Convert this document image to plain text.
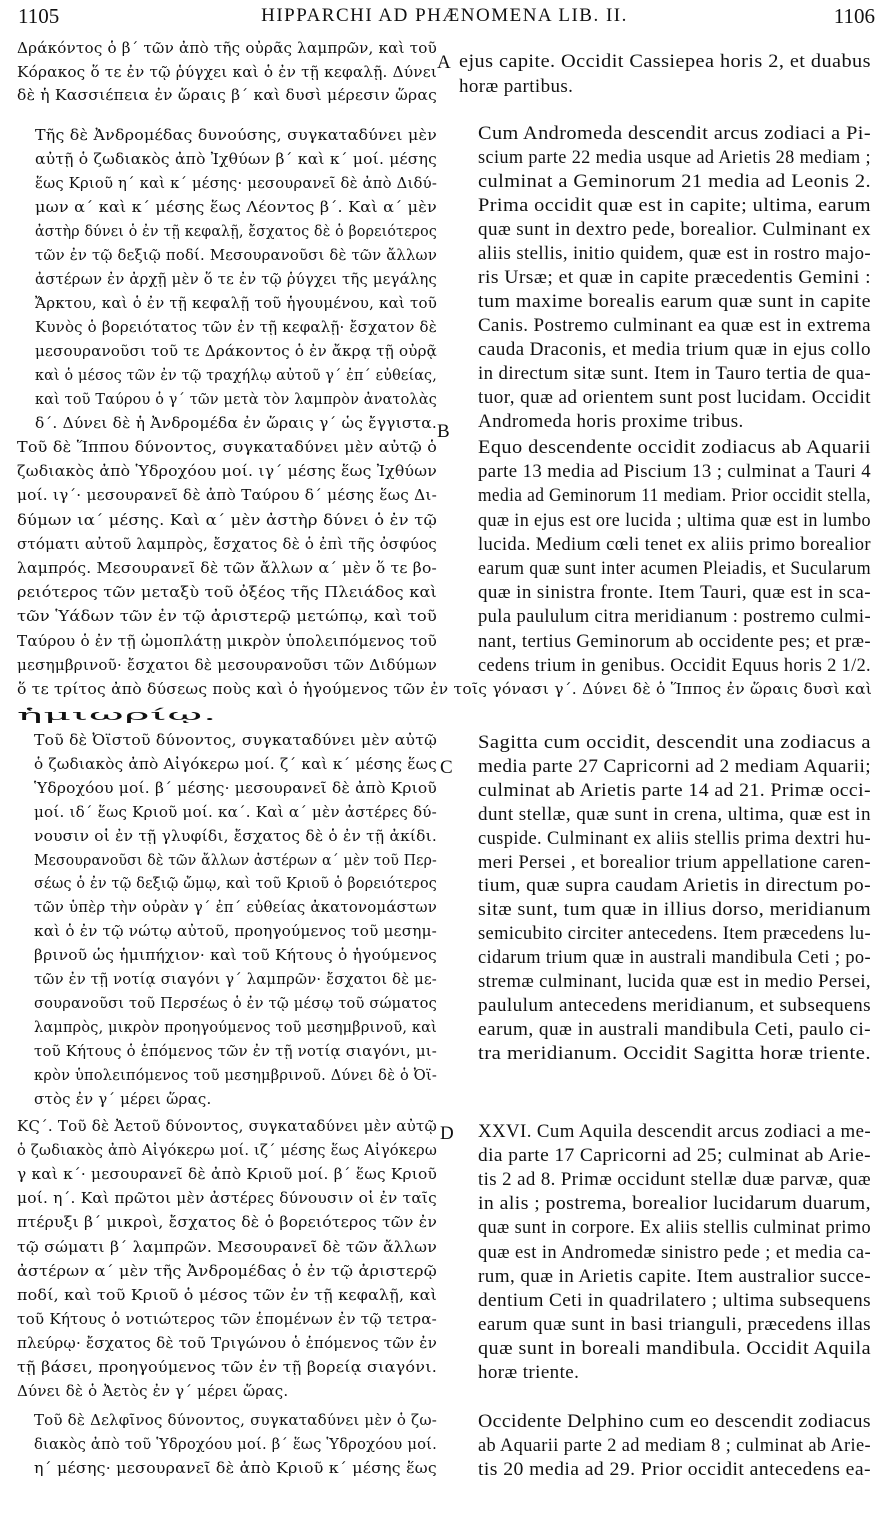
1105	HIPPARCHI AD PHÆNOMENA LIB. II.	1106
A
B
C
D
Δράκόντος ὁ β΄ τῶν ἀπὸ τῆς οὐρᾶς λαμπρῶν, καὶ τοῦ
Κόρακος ὅ τε ἐν τῷ ῥύγχει καὶ ὁ ἐν τῇ κεφαλῇ. Δύνει
δὲ ἡ Κασσιέπεια ἐν ὥραις β΄ καὶ δυσὶ μέρεσιν ὥρας
Τῆς δὲ Ἀνδρομέδας δυνούσης, συγκαταδύνει μὲν
αὐτῇ ὁ ζωδιακὸς ἀπὸ Ἰχθύων β΄ καὶ κ΄ μοί. μέσης
ἕως Κριοῦ η΄ καὶ κ΄ μέσης· μεσουρανεῖ δὲ ἀπὸ Διδύ-
μων α΄ καὶ κ΄ μέσης ἕως Λέοντος β΄. Καὶ α΄ μὲν
ἀστὴρ δύνει ὁ ἐν τῇ κεφαλῇ, ἔσχατος δὲ ὁ βορειότερος
τῶν ἐν τῷ δεξιῷ ποδί. Μεσουρανοῦσι δὲ τῶν ἄλλων
ἀστέρων ἐν ἀρχῇ μὲν ὅ τε ἐν τῷ ῥύγχει τῆς μεγάλης
Ἄρκτου, καὶ ὁ ἐν τῇ κεφαλῇ τοῦ ἡγουμένου, καὶ τοῦ
Κυνὸς ὁ βορειότατος τῶν ἐν τῇ κεφαλῇ· ἔσχατον δὲ
μεσουρανοῦσι τοῦ τε Δράκοντος ὁ ἐν ἄκρᾳ τῇ οὐρᾷ
καὶ ὁ μέσος τῶν ἐν τῷ τραχήλῳ αὐτοῦ γ΄ ἐπ΄ εὐθείας,
καὶ τοῦ Ταύρου ὁ γ΄ τῶν μετὰ τὸν λαμπρὸν ἀνατολὰς
δ΄. Δύνει δὲ ἡ Ἀνδρομέδα ἐν ὥραις γ΄ ὡς ἔγγιστα.
Τοῦ δὲ Ἵππου δύνοντος, συγκαταδύνει μὲν αὐτῷ ὁ
ζωδιακὸς ἀπὸ Ὑδροχόου μοί. ιγ΄ μέσης ἕως Ἰχθύων
μοί. ιγ΄· μεσουρανεῖ δὲ ἀπὸ Ταύρου δ΄ μέσης ἕως Δι-
δύμων ια΄ μέσης. Καὶ α΄ μὲν ἀστὴρ δύνει ὁ ἐν τῷ
στόματι αὐτοῦ λαμπρὸς, ἔσχατος δὲ ὁ ἐπὶ τῆς ὀσφύος
λαμπρός. Μεσουρανεῖ δὲ τῶν ἄλλων α΄ μὲν ὅ τε βο-
ρειότερος τῶν μεταξὺ τοῦ ὀξέος τῆς Πλειάδος καὶ
τῶν Ὑάδων τῶν ἐν τῷ ἀριστερῷ μετώπῳ, καὶ τοῦ
Ταύρου ὁ ἐν τῇ ὠμοπλάτῃ μικρὸν ὑπολειπόμενος τοῦ
μεσημβρινοῦ· ἔσχατοι δὲ μεσουρανοῦσι τῶν Διδύμων
ὅ τε τρίτος ἀπὸ δύσεως ποὺς καὶ ὁ ἡγούμενος τῶν ἐν τοῖς γόνασι γ΄. Δύνει δὲ ὁ Ἵππος ἐν ὥραις δυσὶ καὶ
ἡμιωρίῳ.
Τοῦ δὲ Ὀϊστοῦ δύνοντος, συγκαταδύνει μὲν αὐτῷ
ὁ ζωδιακὸς ἀπὸ Αἰγόκερω μοί. ζ΄ καὶ κ΄ μέσης ἕως
Ὑδροχόου μοί. β΄ μέσης· μεσουρανεῖ δὲ ἀπὸ Κριοῦ
μοί. ιδ΄ ἕως Κριοῦ μοί. κα΄. Καὶ α΄ μὲν ἀστέρες δύ-
νουσιν οἱ ἐν τῇ γλυφίδι, ἔσχατος δὲ ὁ ἐν τῇ ἀκίδι.
Μεσουρανοῦσι δὲ τῶν ἄλλων ἀστέρων α΄ μὲν τοῦ Περ-
σέως ὁ ἐν τῷ δεξιῷ ὤμῳ, καὶ τοῦ Κριοῦ ὁ βορειότερος
τῶν ὑπὲρ τὴν οὐρὰν γ΄ ἐπ΄ εὐθείας ἀκατονομάστων
καὶ ὁ ἐν τῷ νώτῳ αὐτοῦ, προηγούμενος τοῦ μεσημ-
βρινοῦ ὡς ἡμιπήχιον· καὶ τοῦ Κήτους ὁ ἡγούμενος
τῶν ἐν τῇ νοτίᾳ σιαγόνι γ΄ λαμπρῶν· ἔσχατοι δὲ με-
σουρανοῦσι τοῦ Περσέως ὁ ἐν τῷ μέσῳ τοῦ σώματος
λαμπρὸς, μικρὸν προηγούμενος τοῦ μεσημβρινοῦ, καὶ
τοῦ Κήτους ὁ ἑπόμενος τῶν ἐν τῇ νοτίᾳ σιαγόνι, μι-
κρὸν ὑπολειπόμενος τοῦ μεσημβρινοῦ. Δύνει δὲ ὁ Ὀϊ-
στὸς ἐν γ΄ μέρει ὥρας.
ΚϚ΄. Τοῦ δὲ Ἀετοῦ δύνοντος, συγκαταδύνει μὲν αὐτῷ
ὁ ζωδιακὸς ἀπὸ Αἰγόκερω μοί. ιζ΄ μέσης ἕως Αἰγόκερω
γ καὶ κ΄· μεσουρανεῖ δὲ ἀπὸ Κριοῦ μοί. β΄ ἕως Κριοῦ
μοί. η΄. Καὶ πρῶτοι μὲν ἀστέρες δύνουσιν οἱ ἐν ταῖς
πτέρυξι β΄ μικροὶ, ἔσχατος δὲ ὁ βορειότερος τῶν ἐν
τῷ σώματι β΄ λαμπρῶν. Μεσουρανεῖ δὲ τῶν ἄλλων
ἀστέρων α΄ μὲν τῆς Ἀνδρομέδας ὁ ἐν τῷ ἀριστερῷ
ποδί, καὶ τοῦ Κριοῦ ὁ μέσος τῶν ἐν τῇ κεφαλῇ, καὶ
τοῦ Κήτους ὁ νοτιώτερος τῶν ἑπομένων ἐν τῷ τετρα-
πλεύρῳ· ἔσχατος δὲ τοῦ Τριγώνου ὁ ἑπόμενος τῶν ἐν
τῇ βάσει, προηγούμενος τῶν ἐν τῇ βορείᾳ σιαγόνι.
Δύνει δὲ ὁ Ἀετὸς ἐν γ΄ μέρει ὥρας.
Τοῦ δὲ Δελφῖνος δύνοντος, συγκαταδύνει μὲν ὁ ζω-
διακὸς ἀπὸ τοῦ Ὑδροχόου μοί. β΄ ἕως Ὑδροχόου μοί.
η΄ μέσης· μεσουρανεῖ δὲ ἀπὸ Κριοῦ κ΄ μέσης ἕως
ejus capite. Occidit Cassiepea horis 2, et duabus
horæ partibus.
Cum Andromeda descendit arcus zodiaci a Pi-
scium parte 22 media usque ad Arietis 28 mediam ;
culminat a Geminorum 21 media ad Leonis 2.
Prima occidit quæ est in capite; ultima, earum
quæ sunt in dextro pede, borealior. Culminant ex
aliis stellis, initio quidem, quæ est in rostro majo-
ris Ursæ; et quæ in capite præcedentis Gemini :
tum maxime borealis earum quæ sunt in capite
Canis. Postremo culminant ea quæ est in extrema
cauda Draconis, et media trium quæ in ejus collo
in directum sitæ sunt. Item in Tauro tertia de qua-
tuor, quæ ad orientem sunt post lucidam. Occidit
Andromeda horis proxime tribus.
Equo descendente occidit zodiacus ab Aquarii
parte 13 media ad Piscium 13 ; culminat a Tauri 4
media ad Geminorum 11 mediam. Prior occidit stella,
quæ in ejus est ore lucida ; ultima quæ est in lumbo
lucida. Medium cœli tenet ex aliis primo borealior
earum quæ sunt inter acumen Pleiadis, et Sucularum
quæ in sinistra fronte. Item Tauri, quæ est in sca-
pula paululum citra meridianum : postremo culmi-
nant, tertius Geminorum ab occidente pes; et præ-
cedens trium in genibus. Occidit Equus horis 2 1/2.
Sagitta cum occidit, descendit una zodiacus a
media parte 27 Capricorni ad 2 mediam Aquarii;
culminat ab Arietis parte 14 ad 21. Primæ occi-
dunt stellæ, quæ sunt in crena, ultima, quæ est in
cuspide. Culminant ex aliis stellis prima dextri hu-
meri Persei , et borealior trium appellatione caren-
tium, quæ supra caudam Arietis in directum po-
sitæ sunt, tum quæ in illius dorso, meridianum
semicubito circiter antecedens. Item præcedens lu-
cidarum trium quæ in australi mandibula Ceti ; po-
stremæ culminant, lucida quæ est in medio Persei,
paululum antecedens meridianum, et subsequens
earum, quæ in australi mandibula Ceti, paulo ci-
tra meridianum. Occidit Sagitta horæ triente.
XXVI. Cum Aquila descendit arcus zodiaci a me-
dia parte 17 Capricorni ad 25; culminat ab Arie-
tis 2 ad 8. Primæ occidunt stellæ duæ parvæ, quæ
in alis ; postrema, borealior lucidarum duarum,
quæ sunt in corpore. Ex aliis stellis culminat primo
quæ est in Andromedæ sinistro pede ; et media ca-
rum, quæ in Arietis capite. Item australior succe-
dentium Ceti in quadrilatero ; ultima subsequens
earum quæ sunt in basi trianguli, præcedens illas
quæ sunt in boreali mandibula. Occidit Aquila
horæ triente.
Occidente Delphino cum eo descendit zodiacus
ab Aquarii parte 2 ad mediam 8 ; culminat ab Arie-
tis 20 media ad 29. Prior occidit antecedens ea-
